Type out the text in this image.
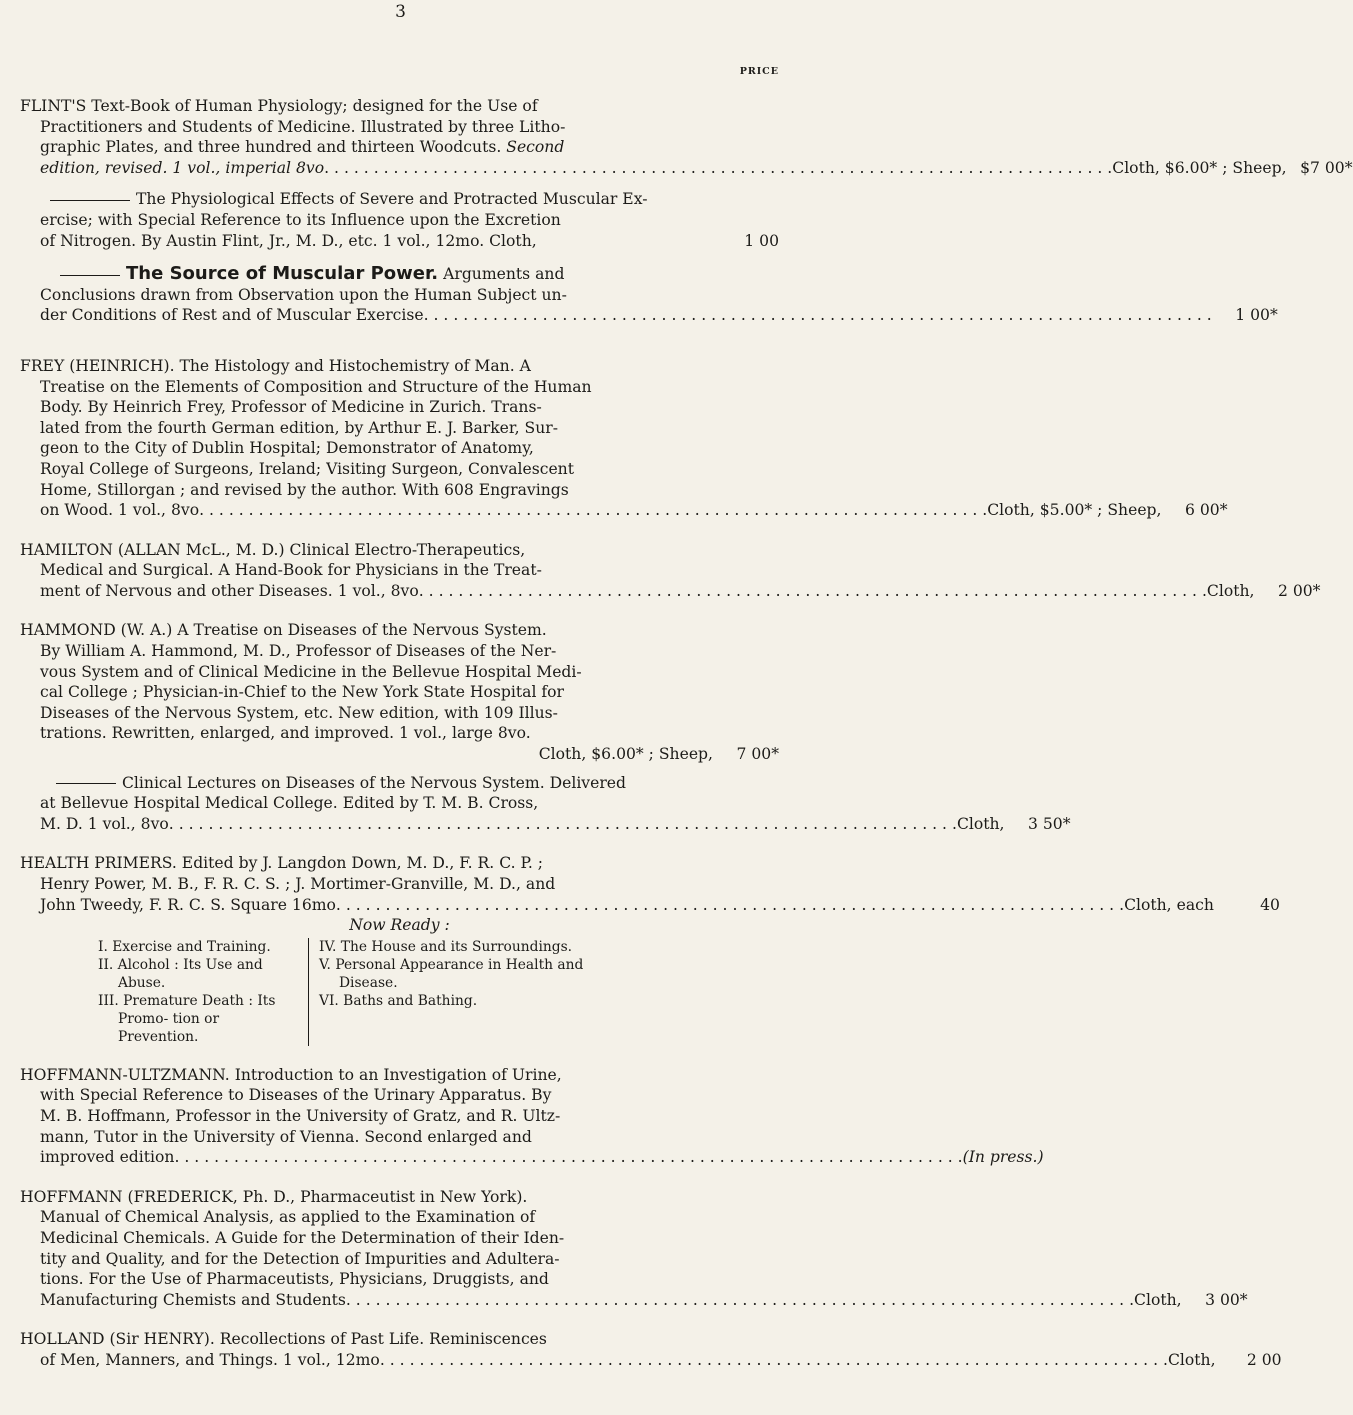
3
PRICE
FLINT'S Text-Book of Human Physiology; designed for the Use of
Practitioners and Students of Medicine. Illustrated by three Litho-
graphic Plates, and three hundred and thirteen Woodcuts. Second
edition, revised. 1 vol., imperial 8vo . . .	Cloth, $6.00* ; Sheep, $7 00*
The Physiological Effects of Severe and Protracted Muscular Ex-
ercise; with Special Reference to its Influence upon the Excretion
of Nitrogen. By Austin Flint, Jr., M. D., etc. 1 vol., 12mo. Cloth,	1 00
The Source of Muscular Power. Arguments and
Conclusions drawn from Observation upon the Human Subject un-
der Conditions of Rest and of Muscular Exercise . . .	1 00*
FREY (HEINRICH). The Histology and Histochemistry of Man. A
Treatise on the Elements of Composition and Structure of the Human
Body. By Heinrich Frey, Professor of Medicine in Zurich. Trans-
lated from the fourth German edition, by Arthur E. J. Barker, Sur-
geon to the City of Dublin Hospital; Demonstrator of Anatomy,
Royal College of Surgeons, Ireland; Visiting Surgeon, Convalescent
Home, Stillorgan ; and revised by the author. With 608 Engravings
on Wood. 1 vol., 8vo . . .	Cloth, $5.00* ; Sheep,	6 00*
HAMILTON (ALLAN McL., M. D.) Clinical Electro-Therapeutics,
Medical and Surgical. A Hand-Book for Physicians in the Treat-
ment of Nervous and other Diseases. 1 vol., 8vo . . .	Cloth,	2 00*
HAMMOND (W. A.) A Treatise on Diseases of the Nervous System.
By William A. Hammond, M. D., Professor of Diseases of the Ner-
vous System and of Clinical Medicine in the Bellevue Hospital Medi-
cal College ; Physician-in-Chief to the New York State Hospital for
Diseases of the Nervous System, etc. New edition, with 109 Illus-
trations. Rewritten, enlarged, and improved. 1 vol., large 8vo.
Cloth, $6.00* ; Sheep,	7 00*
Clinical Lectures on Diseases of the Nervous System. Delivered
at Bellevue Hospital Medical College. Edited by T. M. B. Cross,
M. D. 1 vol., 8vo . . .	Cloth,	3 50*
HEALTH PRIMERS. Edited by J. Langdon Down, M. D., F. R. C. P. ;
Henry Power, M. B., F. R. C. S. ; J. Mortimer-Granville, M. D., and
John Tweedy, F. R. C. S. Square 16mo . . .	Cloth, each	40
Now Ready :
I. Exercise and Training.
II. Alcohol : Its Use and Abuse.
III. Premature Death : Its Promo- tion or Prevention.
IV. The House and its Surroundings.
V. Personal Appearance in Health and Disease.
VI. Baths and Bathing.
HOFFMANN-ULTZMANN. Introduction to an Investigation of Urine,
with Special Reference to Diseases of the Urinary Apparatus. By
M. B. Hoffmann, Professor in the University of Gratz, and R. Ultz-
mann, Tutor in the University of Vienna. Second enlarged and
improved edition . . .	(In press.)
HOFFMANN (FREDERICK, Ph. D., Pharmaceutist in New York).
Manual of Chemical Analysis, as applied to the Examination of
Medicinal Chemicals. A Guide for the Determination of their Iden-
tity and Quality, and for the Detection of Impurities and Adultera-
tions. For the Use of Pharmaceutists, Physicians, Druggists, and
Manufacturing Chemists and Students . . .	Cloth,	3 00*
HOLLAND (Sir HENRY). Recollections of Past Life. Reminiscences
of Men, Manners, and Things. 1 vol., 12mo . . .	Cloth,	2 00
